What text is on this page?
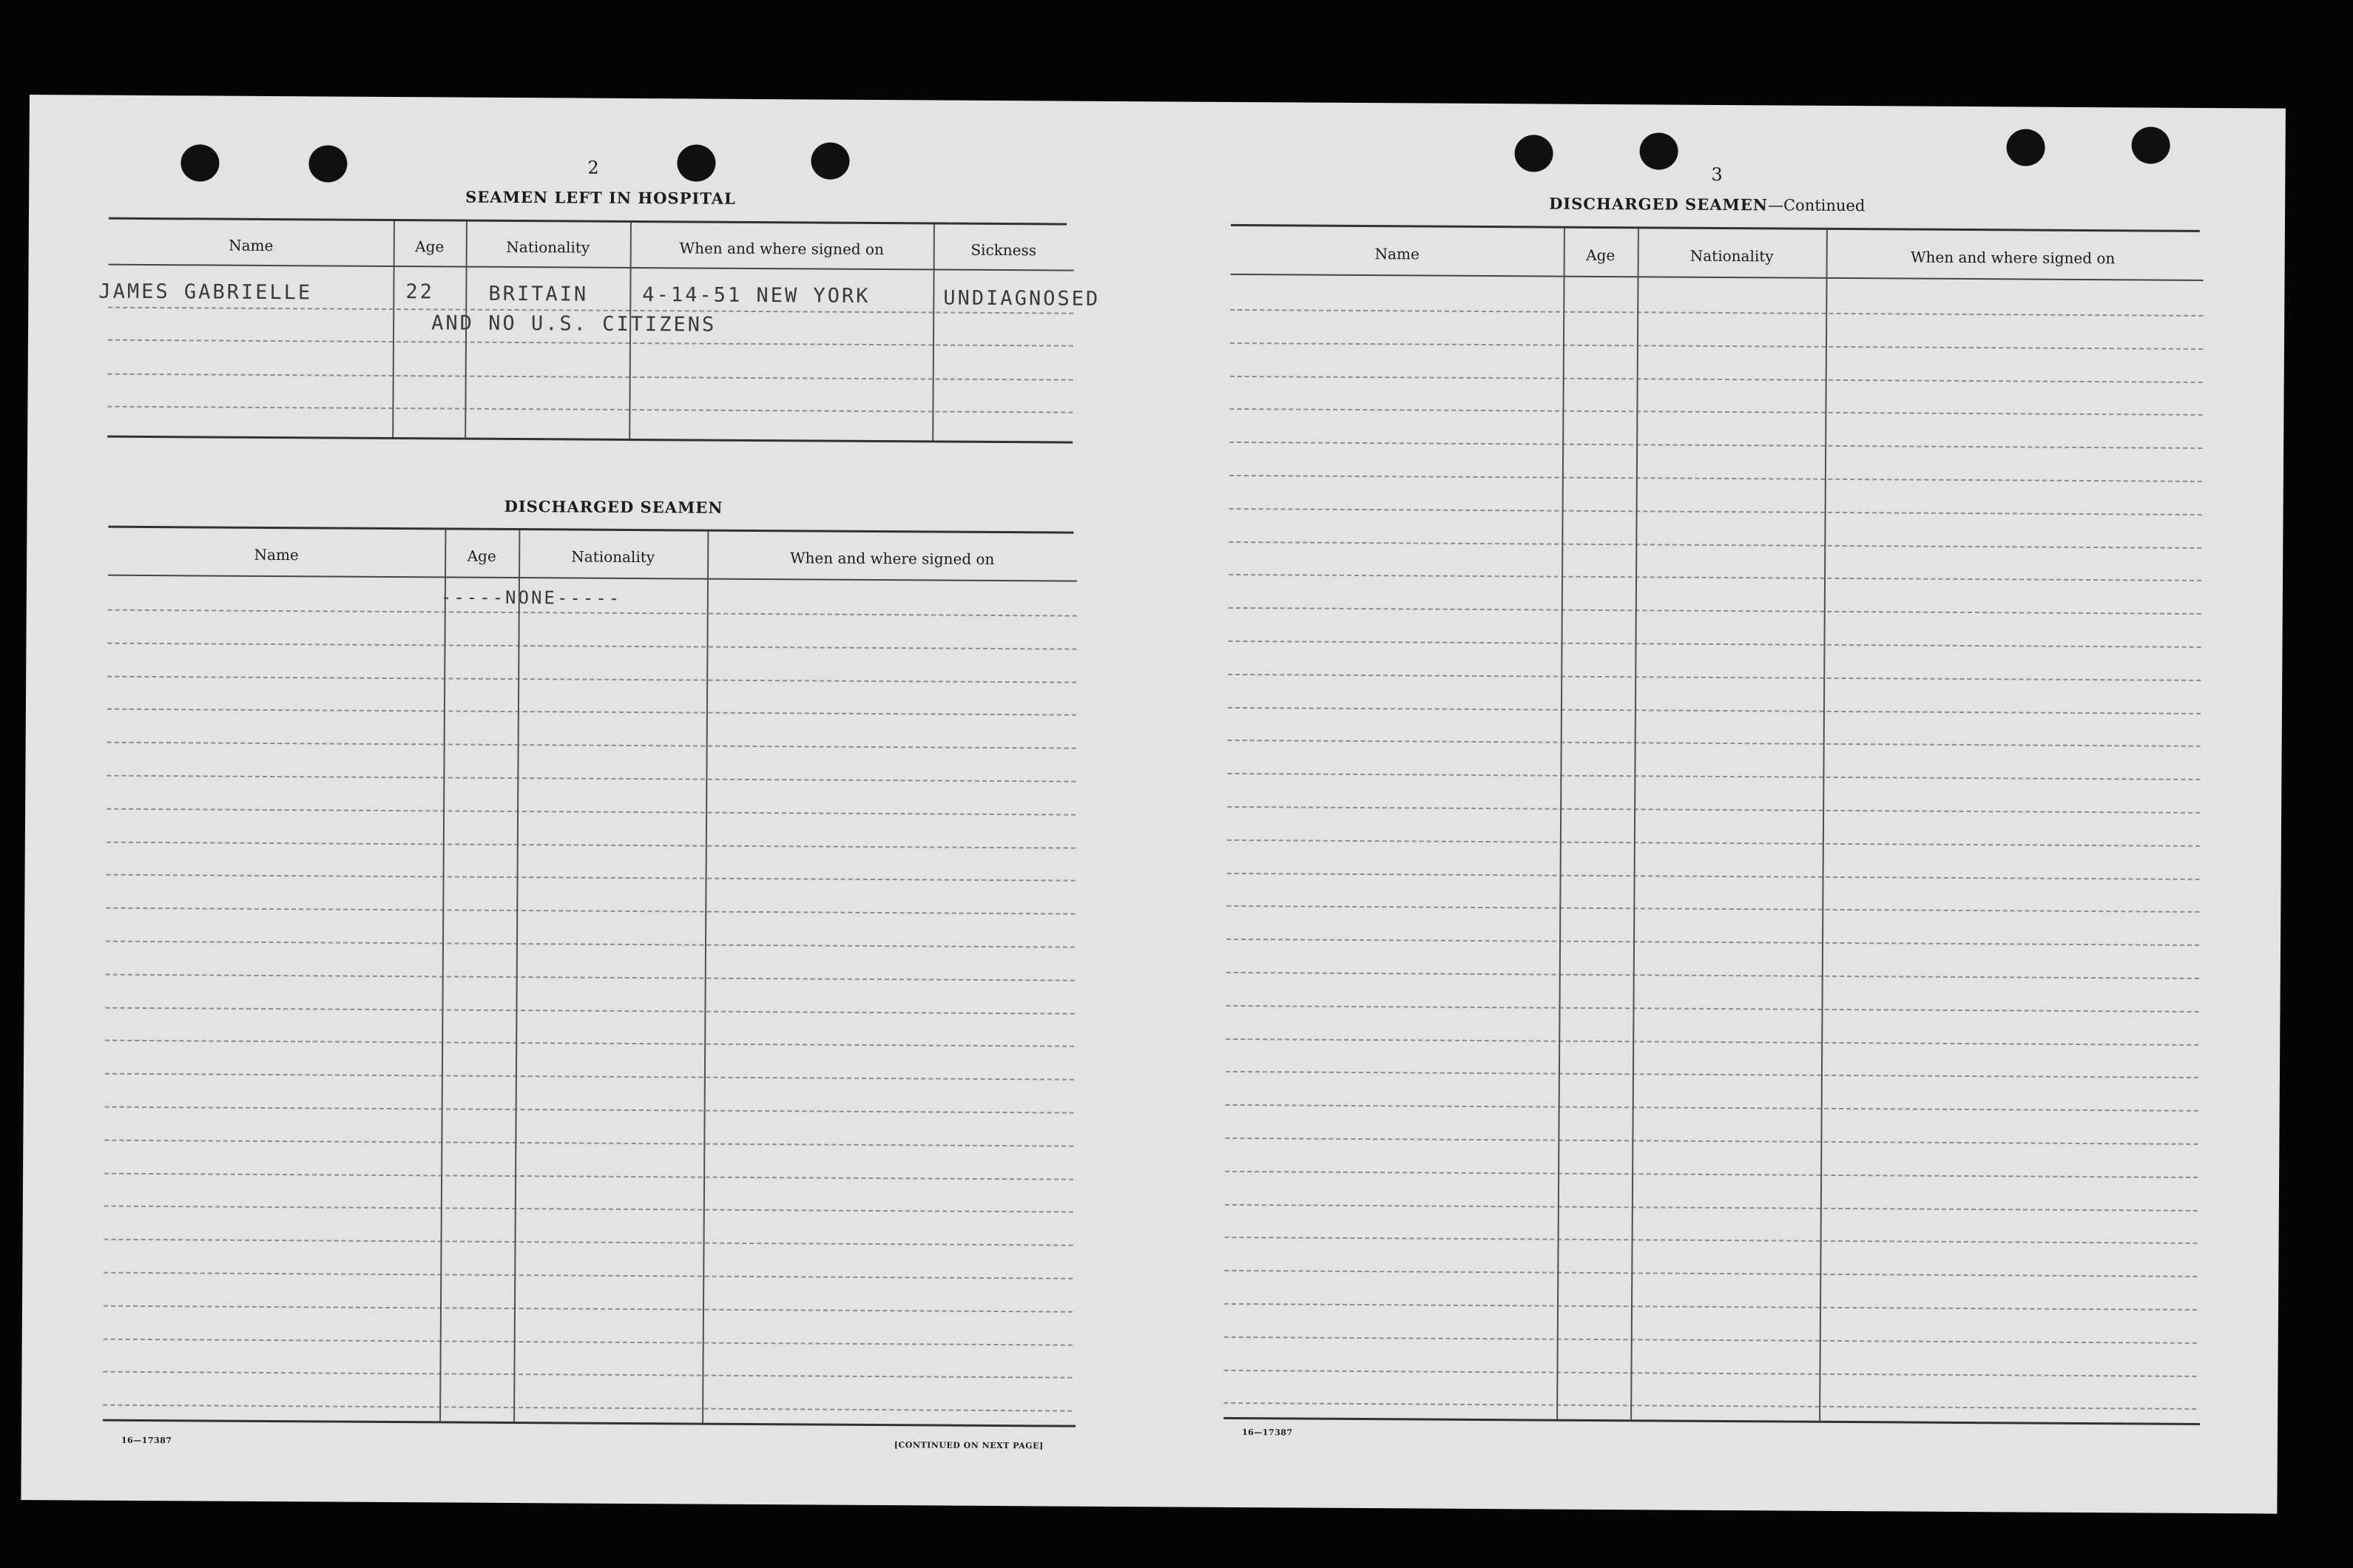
2
SEAMEN LEFT IN HOSPITAL
Name	Age	Nationality	When and where signed on	Sickness
JAMES GABRIELLE	22	BRITAIN	4-14-51 NEW YORK	UNDIAGNOSED
AND NO U.S. CITIZENS
DISCHARGED SEAMEN
Name	Age	Nationality	When and where signed on
-----NONE-----
16—17387	[CONTINUED ON NEXT PAGE]
3
DISCHARGED SEAMEN—Continued
Name	Age	Nationality	When and where signed on
16—17387
